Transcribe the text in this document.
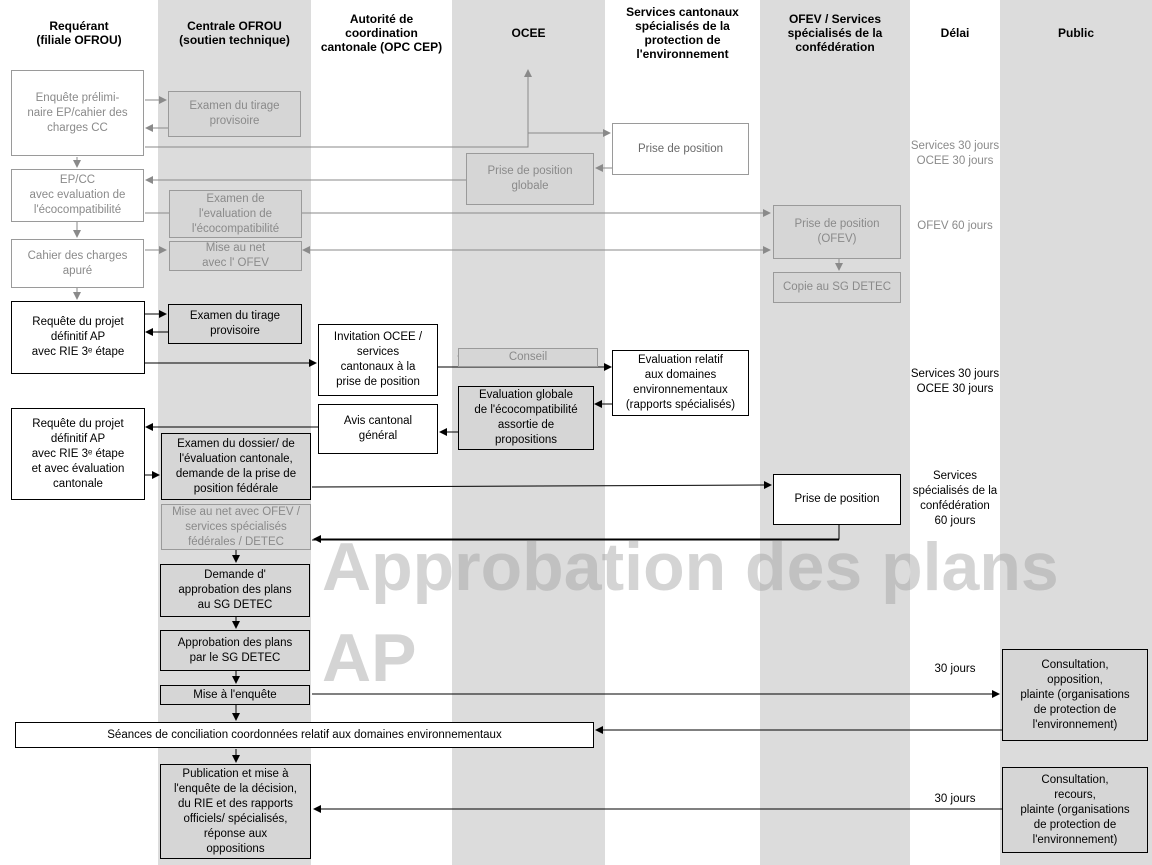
Requérant
(filiale OFROU)
Centrale OFROU
(soutien technique)
Autorité de
coordination
cantonale (OPC CEP)
OCEE
Services cantonaux
spécialisés de la
protection de
l'environnement
OFEV / Services
spécialisés de la
confédération
Délai	Public
Approbation des plans
AP
Enquête prélimi-
naire EP/cahier des
charges CC
Examen du tirage
provisoire
Prise de position
Prise de position
globale
EP/CC
avec evaluation de
l'écocompatibilité
Examen de
l'evaluation de
l'écocompatibilité	Prise de position
(OFEV)
Cahier des charges
apuré
Mise au net
avec l' OFEV
Copie au SG DETEC
Conseil
Mise au net avec OFEV /
services spécialisés
fédérales / DETEC
Requête du projet
définitif AP
avec RIE 3ᵉ étape
Examen du tirage
provisoire	Invitation OCEE /
services
cantonaux à la
prise de position
Evaluation relatif
aux domaines
environnementaux
(rapports spécialisés)
Evaluation globale
de l'écocompatibilité
assortie de
propositions
Avis cantonal
général
Requête du projet
définitif AP
avec RIE 3ᵉ étape
et avec évaluation
cantonale
Examen du dossier/ de
l'évaluation cantonale,
demande de la prise de
position fédérale
Prise de position
Demande d'
approbation des plans
au SG DETEC
Approbation des plans
par le SG DETEC
Mise à l'enquête
Séances de conciliation coordonnées relatif aux domaines environnementaux
Publication et mise à
l'enquête de la décision,
du RIE et des rapports
officiels/ spécialisés,
réponse aux
oppositions
Consultation,
opposition,
plainte (organisations
de protection de
l'environnement)
Consultation,
recours,
plainte (organisations
de protection de
l'environnement)
Services 30 jours
OCEE 30 jours
OFEV 60 jours
Services 30 jours
OCEE 30 jours
Services
spécialisés de la
confédération
60 jours
30 jours
30 jours
